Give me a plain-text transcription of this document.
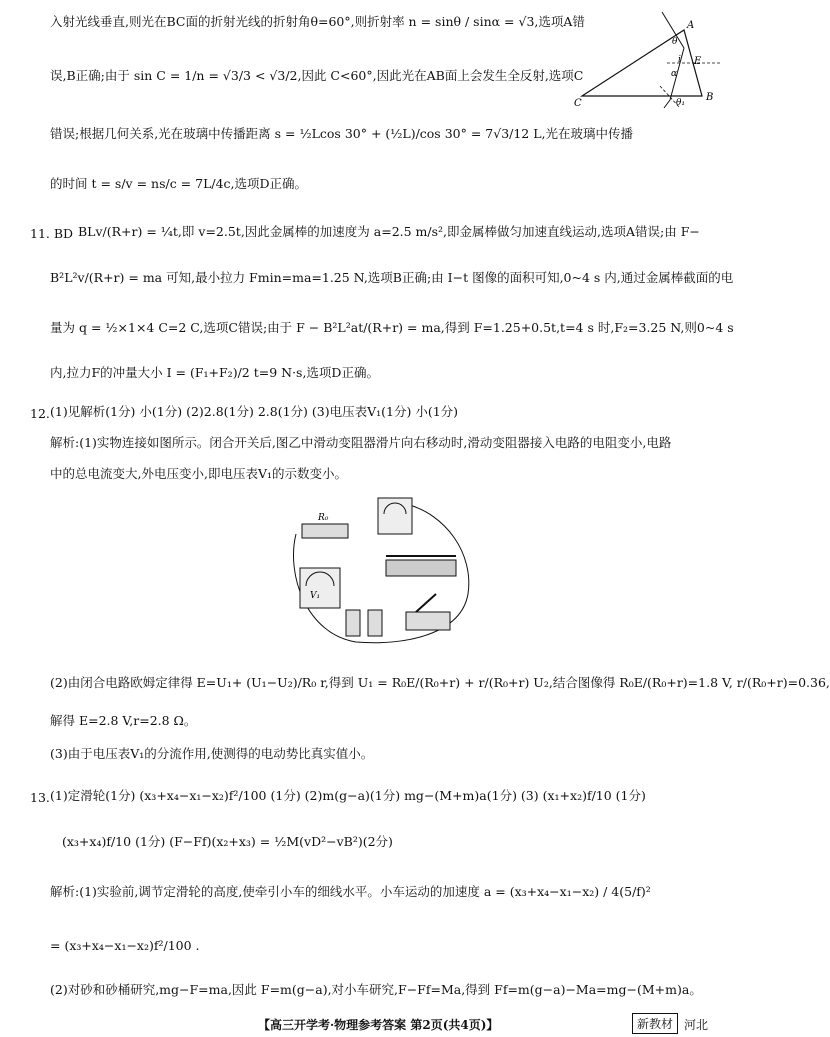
入射光线垂直,则光在BC面的折射光线的折射角θ=60°,则折射率 n = sinθ / sinα = √3,选项A错
误,B正确;由于 sin C = 1/n = √3/3 < √3/2,因此 C<60°,因此光在AB面上会发生全反射,选项C
错误;根据几何关系,光在玻璃中传播距离 s = ½Lcos 30° + (½L)/cos 30° = 7√3/12 L,光在玻璃中传播
的时间 t = s/v = ns/c = 7L/4c,选项D正确。
A
B
C
E
i
θ
α
θ₁
11. BD BLv/(R+r) = ¼t,即 v=2.5t,因此金属棒的加速度为 a=2.5 m/s²,即金属棒做匀加速直线运动,选项A错误;由 F−
B²L²v/(R+r) = ma 可知,最小拉力 Fmin=ma=1.25 N,选项B正确;由 I−t 图像的面积可知,0~4 s 内,通过金属棒截面的电
量为 q = ½×1×4 C=2 C,选项C错误;由于 F − B²L²at/(R+r) = ma,得到 F=1.25+0.5t,t=4 s 时,F₂=3.25 N,则0~4 s
内,拉力F的冲量大小 I = (F₁+F₂)/2 t=9 N·s,选项D正确。
12. (1)见解析(1分) 小(1分) (2)2.8(1分) 2.8(1分) (3)电压表V₁(1分) 小(1分)
解析:(1)实物连接如图所示。闭合开关后,图乙中滑动变阻器滑片向右移动时,滑动变阻器接入电路的电阻变小,电路
中的总电流变大,外电压变小,即电压表V₁的示数变小。
R₀
V₁
(2)由闭合电路欧姆定律得 E=U₁+ (U₁−U₂)/R₀ r,得到 U₁ = R₀E/(R₀+r) + r/(R₀+r) U₂,结合图像得 R₀E/(R₀+r)=1.8 V, r/(R₀+r)=0.36,
解得 E=2.8 V,r=2.8 Ω。
(3)由于电压表V₁的分流作用,使测得的电动势比真实值小。
13. (1)定滑轮(1分) (x₃+x₄−x₁−x₂)f²/100 (1分) (2)m(g−a)(1分) mg−(M+m)a(1分) (3) (x₁+x₂)f/10 (1分)
(x₃+x₄)f/10 (1分) (F−Ff)(x₂+x₃) = ½M(vD²−vB²)(2分)
解析:(1)实验前,调节定滑轮的高度,使牵引小车的细线水平。小车运动的加速度 a = (x₃+x₄−x₁−x₂) / 4(5/f)²
= (x₃+x₄−x₁−x₂)f²/100 .
(2)对砂和砂桶研究,mg−F=ma,因此 F=m(g−a),对小车研究,F−Ff=Ma,得到 Ff=m(g−a)−Ma=mg−(M+m)a。
【高三开学考·物理参考答案 第2页(共4页)】	新教材 河北
